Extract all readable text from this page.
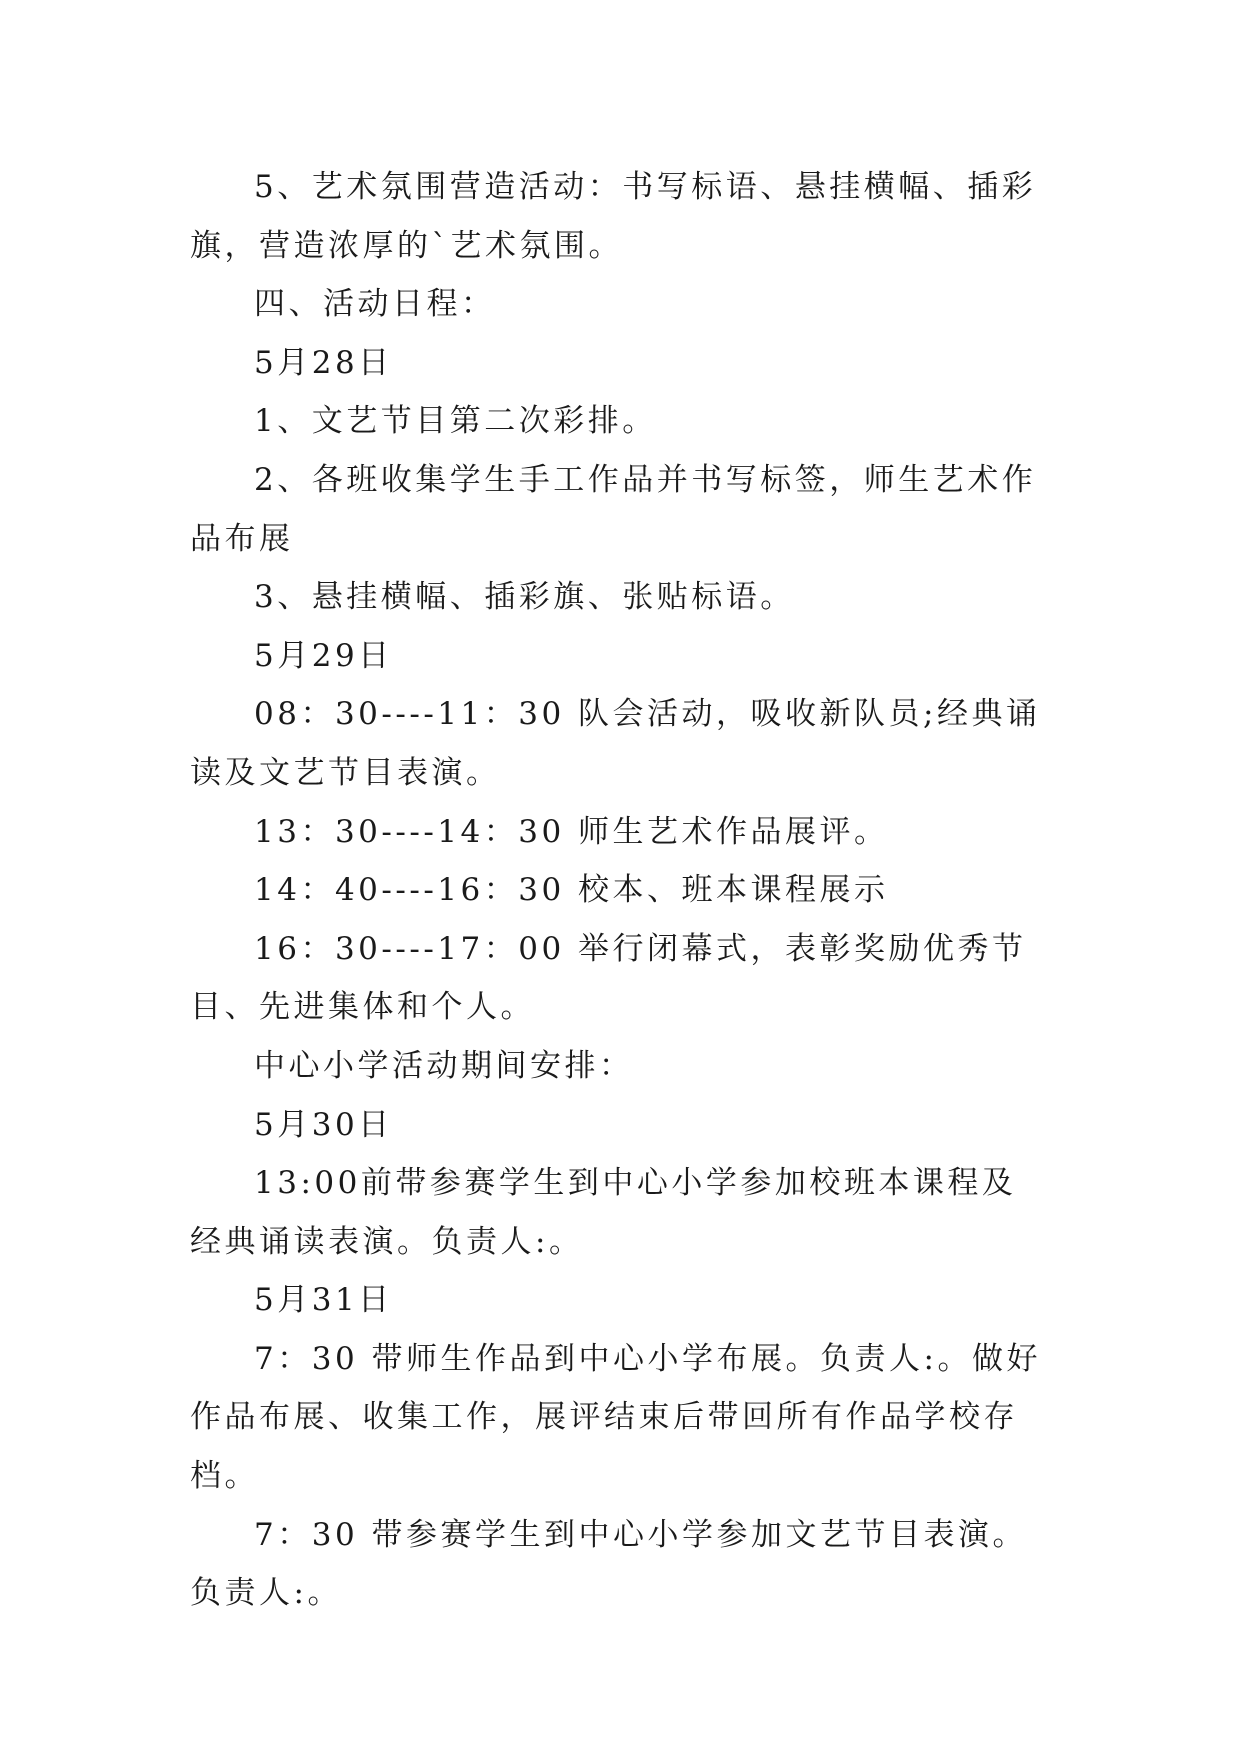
5、艺术氛围营造活动：书写标语、悬挂横幅、插彩旗，营造浓厚的`艺术氛围。

四、活动日程：

5月28日

1、文艺节目第二次彩排。

2、各班收集学生手工作品并书写标签，师生艺术作品布展

3、悬挂横幅、插彩旗、张贴标语。

5月29日

08：30----11：30 队会活动，吸收新队员;经典诵读及文艺节目表演。

13：30----14：30 师生艺术作品展评。

14：40----16：30 校本、班本课程展示

16：30----17：00 举行闭幕式，表彰奖励优秀节目、先进集体和个人。

中心小学活动期间安排：

5月30日

13:00前带参赛学生到中心小学参加校班本课程及经典诵读表演。负责人:。

5月31日

7：30 带师生作品到中心小学布展。负责人:。做好作品布展、收集工作，展评结束后带回所有作品学校存档。

7：30 带参赛学生到中心小学参加文艺节目表演。负责人:。
